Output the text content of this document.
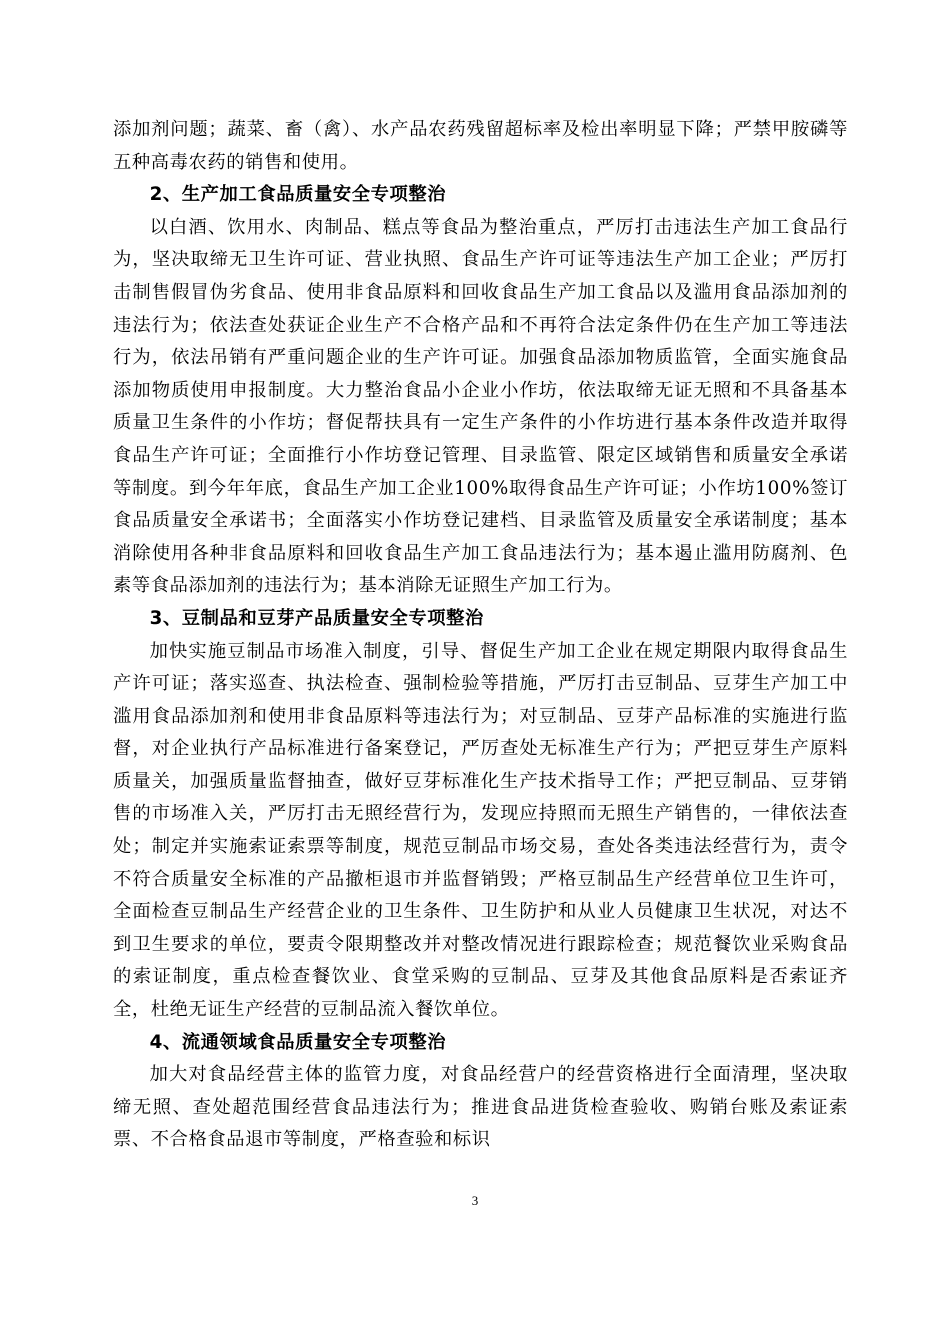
添加剂问题；蔬菜、畜（禽）、水产品农药残留超标率及检出率明显下降；严禁甲胺磷等五种高毒农药的销售和使用。

2、生产加工食品质量安全专项整治

以白酒、饮用水、肉制品、糕点等食品为整治重点，严厉打击违法生产加工食品行为，坚决取缔无卫生许可证、营业执照、食品生产许可证等违法生产加工企业；严厉打击制售假冒伪劣食品、使用非食品原料和回收食品生产加工食品以及滥用食品添加剂的违法行为；依法查处获证企业生产不合格产品和不再符合法定条件仍在生产加工等违法行为，依法吊销有严重问题企业的生产许可证。加强食品添加物质监管，全面实施食品添加物质使用申报制度。大力整治食品小企业小作坊，依法取缔无证无照和不具备基本质量卫生条件的小作坊；督促帮扶具有一定生产条件的小作坊进行基本条件改造并取得食品生产许可证；全面推行小作坊登记管理、目录监管、限定区域销售和质量安全承诺等制度。到今年年底，食品生产加工企业100%取得食品生产许可证；小作坊100%签订食品质量安全承诺书；全面落实小作坊登记建档、目录监管及质量安全承诺制度；基本消除使用各种非食品原料和回收食品生产加工食品违法行为；基本遏止滥用防腐剂、色素等食品添加剂的违法行为；基本消除无证照生产加工行为。

3、豆制品和豆芽产品质量安全专项整治

加快实施豆制品市场准入制度，引导、督促生产加工企业在规定期限内取得食品生产许可证；落实巡查、执法检查、强制检验等措施，严厉打击豆制品、豆芽生产加工中滥用食品添加剂和使用非食品原料等违法行为；对豆制品、豆芽产品标准的实施进行监督，对企业执行产品标准进行备案登记，严厉查处无标准生产行为；严把豆芽生产原料质量关，加强质量监督抽查，做好豆芽标准化生产技术指导工作；严把豆制品、豆芽销售的市场准入关，严厉打击无照经营行为，发现应持照而无照生产销售的，一律依法查处；制定并实施索证索票等制度，规范豆制品市场交易，查处各类违法经营行为，责令不符合质量安全标准的产品撤柜退市并监督销毁；严格豆制品生产经营单位卫生许可，全面检查豆制品生产经营企业的卫生条件、卫生防护和从业人员健康卫生状况，对达不到卫生要求的单位，要责令限期整改并对整改情况进行跟踪检查；规范餐饮业采购食品的索证制度，重点检查餐饮业、食堂采购的豆制品、豆芽及其他食品原料是否索证齐全，杜绝无证生产经营的豆制品流入餐饮单位。

4、流通领域食品质量安全专项整治

加大对食品经营主体的监管力度，对食品经营户的经营资格进行全面清理，坚决取缔无照、查处超范围经营食品违法行为；推进食品进货检查验收、购销台账及索证索票、不合格食品退市等制度，严格查验和标识

3
